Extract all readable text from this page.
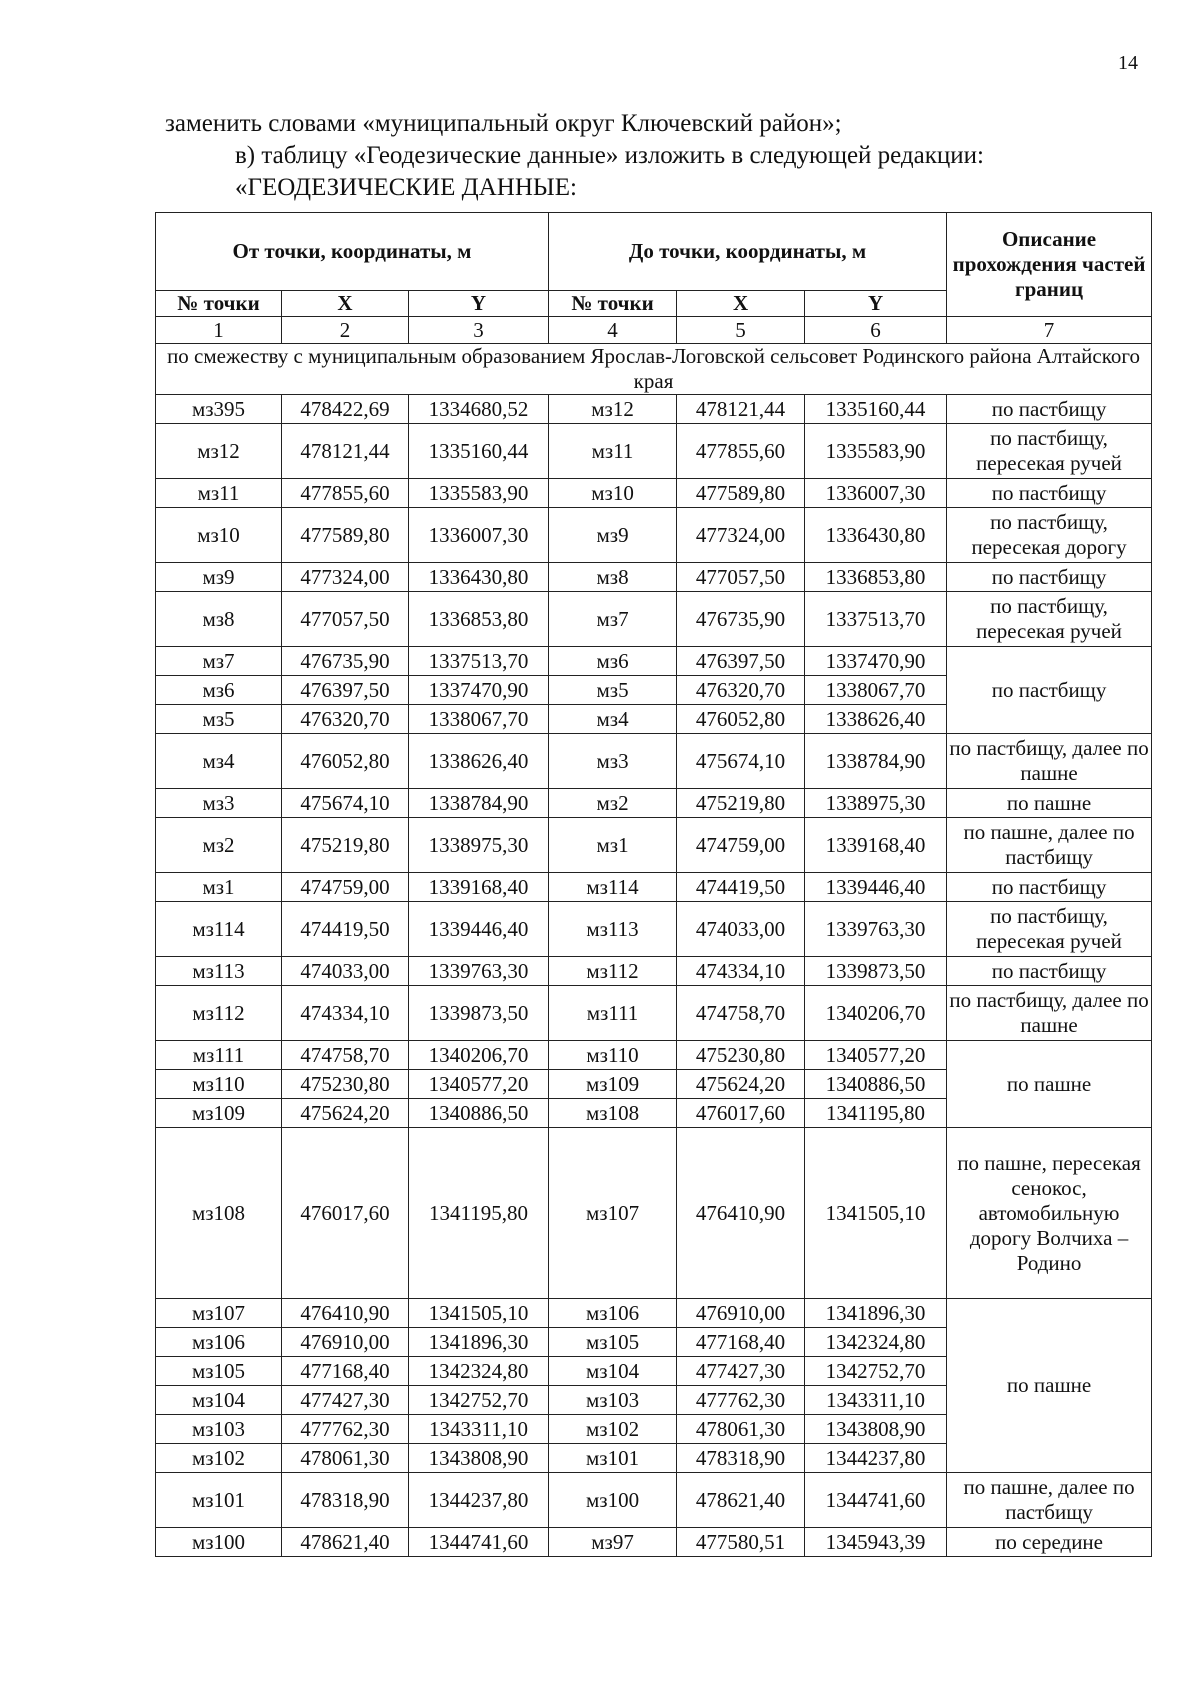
14
заменить словами «муниципальный округ Ключевский район»;
в) таблицу «Геодезические данные» изложить в следующей редакции:
«ГЕОДЕЗИЧЕСКИЕ ДАННЫЕ:
От точки, координаты, м			До точки, координаты, м			Описание прохождения частей границ
№ точки	X	Y	№ точки	X	Y	
1	2	3	4	5	6	7
по смежеству с муниципальным образованием Ярослав-Логовской сельсовет Родинского района Алтайского края						
мз395	478422,69	1334680,52	мз12	478121,44	1335160,44	по пастбищу
мз12	478121,44	1335160,44	мз11	477855,60	1335583,90	по пастбищу, пересекая ручей
мз11	477855,60	1335583,90	мз10	477589,80	1336007,30	по пастбищу
мз10	477589,80	1336007,30	мз9	477324,00	1336430,80	по пастбищу, пересекая дорогу
мз9	477324,00	1336430,80	мз8	477057,50	1336853,80	по пастбищу
мз8	477057,50	1336853,80	мз7	476735,90	1337513,70	по пастбищу, пересекая ручей
мз7	476735,90	1337513,70	мз6	476397,50	1337470,90	по пастбищу
мз6	476397,50	1337470,90	мз5	476320,70	1338067,70	
мз5	476320,70	1338067,70	мз4	476052,80	1338626,40	
мз4	476052,80	1338626,40	мз3	475674,10	1338784,90	по пастбищу, далее по пашне
мз3	475674,10	1338784,90	мз2	475219,80	1338975,30	по пашне
мз2	475219,80	1338975,30	мз1	474759,00	1339168,40	по пашне, далее по пастбищу
мз1	474759,00	1339168,40	мз114	474419,50	1339446,40	по пастбищу
мз114	474419,50	1339446,40	мз113	474033,00	1339763,30	по пастбищу, пересекая ручей
мз113	474033,00	1339763,30	мз112	474334,10	1339873,50	по пастбищу
мз112	474334,10	1339873,50	мз111	474758,70	1340206,70	по пастбищу, далее по пашне
мз111	474758,70	1340206,70	мз110	475230,80	1340577,20	по пашне
мз110	475230,80	1340577,20	мз109	475624,20	1340886,50	
мз109	475624,20	1340886,50	мз108	476017,60	1341195,80	
мз108	476017,60	1341195,80	мз107	476410,90	1341505,10	по пашне, пересекая сенокос, автомобильную дорогу Волчиха – Родино
мз107	476410,90	1341505,10	мз106	476910,00	1341896,30	по пашне
мз106	476910,00	1341896,30	мз105	477168,40	1342324,80	
мз105	477168,40	1342324,80	мз104	477427,30	1342752,70	
мз104	477427,30	1342752,70	мз103	477762,30	1343311,10	
мз103	477762,30	1343311,10	мз102	478061,30	1343808,90	
мз102	478061,30	1343808,90	мз101	478318,90	1344237,80	
мз101	478318,90	1344237,80	мз100	478621,40	1344741,60	по пашне, далее по пастбищу
мз100	478621,40	1344741,60	мз97	477580,51	1345943,39	по середине
